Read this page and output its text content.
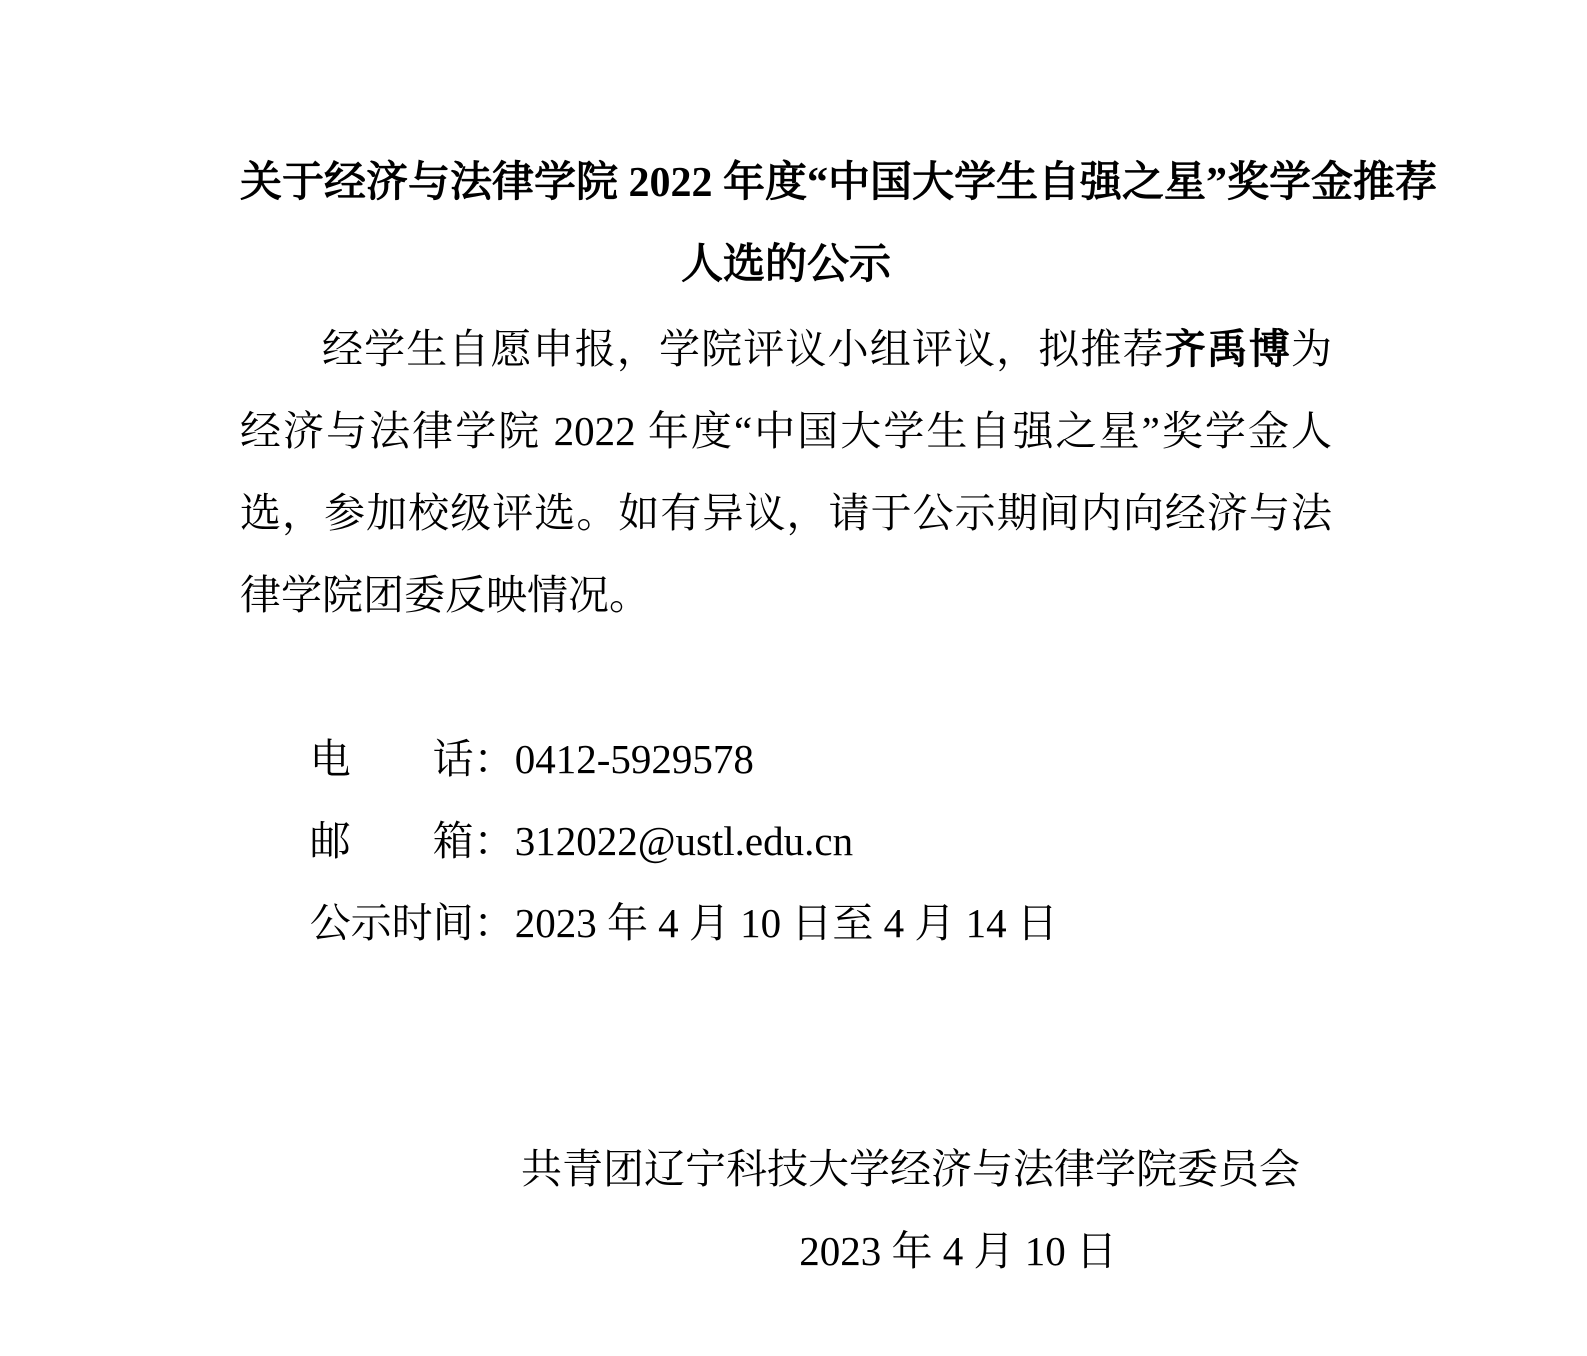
关于经济与法律学院 2022 年度“中国大学生自强之星”奖学金推荐
人选的公示

经学生自愿申报，学院评议小组评议，拟推荐齐禹博为经济与法律学院 2022 年度“中国大学生自强之星”奖学金人选，参加校级评选。如有异议，请于公示期间内向经济与法律学院团委反映情况。

电　　话：0412-5929578
邮　　箱：312022@ustl.edu.cn
公示时间：2023 年 4 月 10 日至 4 月 14 日
共青团辽宁科技大学经济与法律学院委员会
2023 年 4 月 10 日
